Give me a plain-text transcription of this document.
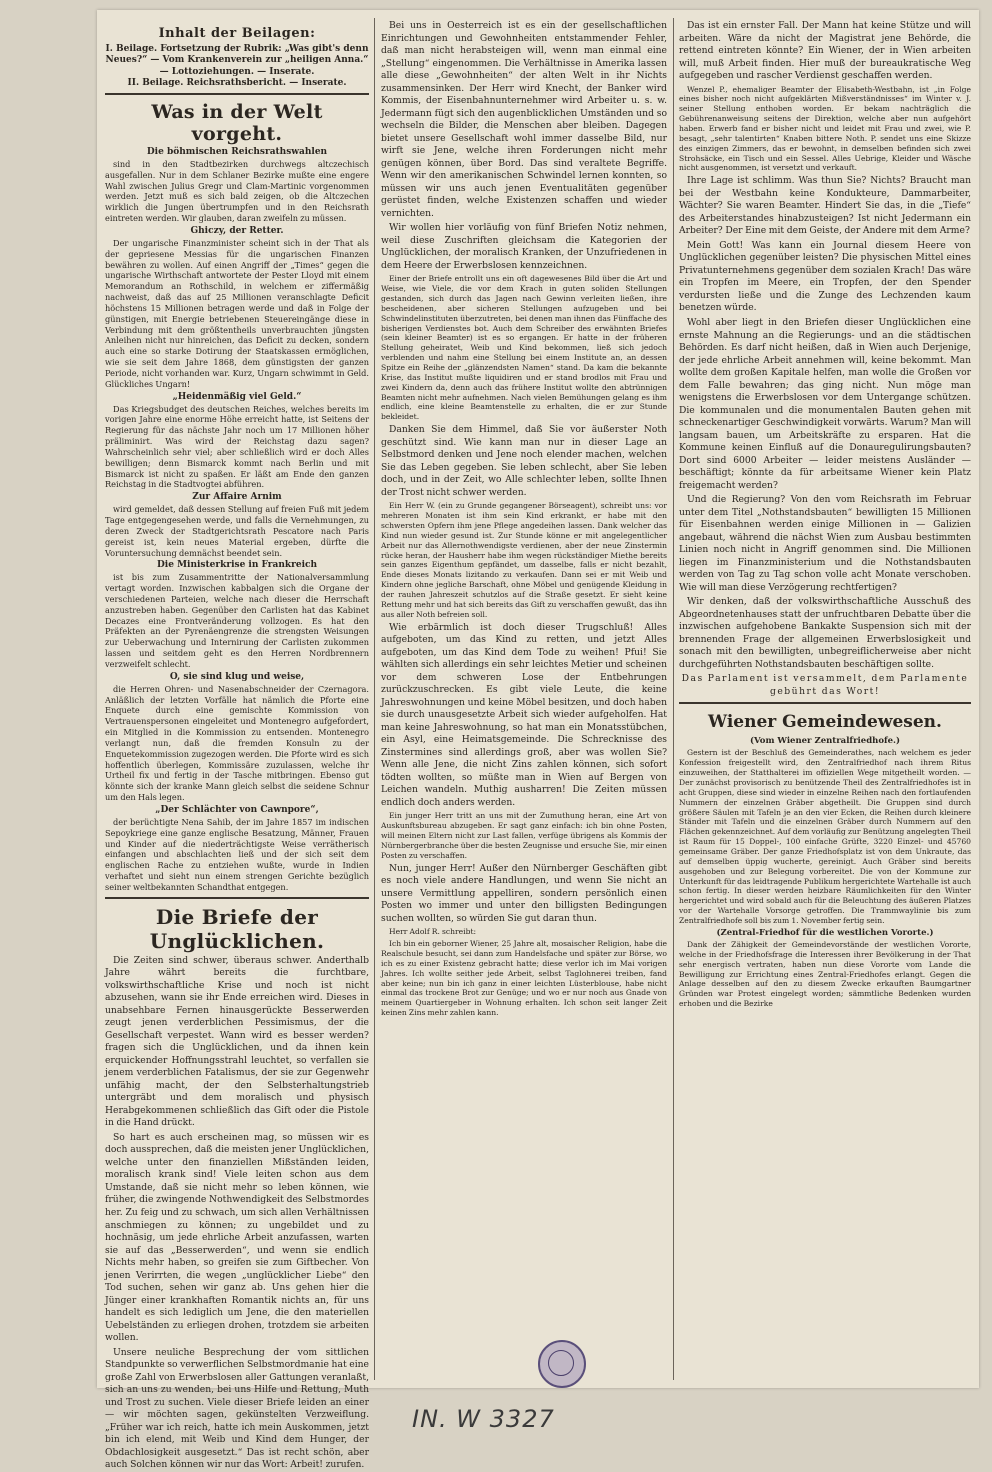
Inhalt der Beilagen:
I. Beilage. Fortsetzung der Rubrik: „Was gibt's denn Neues?“ — Vom Krankenverein zur „heiligen Anna.“ — Lottoziehungen. — Inserate.
II. Beilage. Reichsrathsbericht. — Inserate.
Was in der Welt vorgeht.
Die böhmischen Reichsrathswahlen

sind in den Stadtbezirken durchwegs altczechisch ausgefallen. Nur in dem Schlaner Bezirke mußte eine engere Wahl zwischen Julius Gregr und Clam-Martinic vorgenommen werden. Jetzt muß es sich bald zeigen, ob die Altczechen wirklich die Jungen übertrumpfen und in den Reichsrath eintreten werden. Wir glauben, daran zweifeln zu müssen.

Ghiczy, der Retter.

Der ungarische Finanzminister scheint sich in der That als der gepriesene Messias für die ungarischen Finanzen bewähren zu wollen. Auf einen Angriff der „Times“ gegen die ungarische Wirthschaft antwortete der Pester Lloyd mit einem Memorandum an Rothschild, in welchem er ziffermäßig nachweist, daß das auf 25 Millionen veranschlagte Deficit höchstens 15 Millionen betragen werde und daß in Folge der günstigen, mit Energie betriebenen Steuereingänge diese in Verbindung mit dem größtentheils unverbrauchten jüngsten Anleihen nicht nur hinreichen, das Deficit zu decken, sondern auch eine so starke Dotirung der Staatskassen ermöglichen, wie sie seit dem Jahre 1868, dem günstigsten der ganzen Periode, nicht vorhanden war. Kurz, Ungarn schwimmt in Geld. Glückliches Ungarn!

„Heidenmäßig viel Geld.“

Das Kriegsbudget des deutschen Reiches, welches bereits im vorigen Jahre eine enorme Höhe erreicht hatte, ist Seitens der Regierung für das nächste Jahr noch um 17 Millionen höher präliminirt. Was wird der Reichstag dazu sagen? Wahrscheinlich sehr viel; aber schließlich wird er doch Alles bewilligen; denn Bismarck kommt nach Berlin und mit Bismarck ist nicht zu spaßen. Er läßt am Ende den ganzen Reichstag in die Stadtvogtei abführen.

Zur Affaire Arnim

wird gemeldet, daß dessen Stellung auf freien Fuß mit jedem Tage entgegengesehen werde, und falls die Vernehmungen, zu deren Zweck der Stadtgerichtsrath Pescatore nach Paris gereist ist, kein neues Material ergeben, dürfte die Voruntersuchung demnächst beendet sein.

Die Ministerkrise in Frankreich

ist bis zum Zusammentritte der Nationalversammlung vertagt worden. Inzwischen kabbalgen sich die Organe der verschiedenen Parteien, welche nach dieser die Herrschaft anzustreben haben. Gegenüber den Carlisten hat das Kabinet Decazes eine Frontveränderung vollzogen. Es hat den Präfekten an der Pyrenäengrenze die strengsten Weisungen zur Ueberwachung und Internirung der Carlisten zukommen lassen und seitdem geht es den Herren Nordbrennern verzweifelt schlecht.

O, sie sind klug und weise,

die Herren Ohren- und Nasenabschneider der Czernagora. Anläßlich der letzten Vorfälle hat nämlich die Pforte eine Enquete durch eine gemischte Kommission von Vertrauenspersonen eingeleitet und Montenegro aufgefordert, ein Mitglied in die Kommission zu entsenden. Montenegro verlangt nun, daß die fremden Konsuln zu der Enquetekommission zugezogen werden. Die Pforte wird es sich hoffentlich überlegen, Kommissäre zuzulassen, welche ihr Urtheil fix und fertig in der Tasche mitbringen. Ebenso gut könnte sich der kranke Mann gleich selbst die seidene Schnur um den Hals legen.

„Der Schlächter von Cawnpore“,

der berüchtigte Nena Sahib, der im Jahre 1857 im indischen Sepoykriege eine ganze englische Besatzung, Männer, Frauen und Kinder auf die niederträchtigste Weise verrätherisch einfangen und abschlachten ließ und der sich seit dem englischen Rache zu entziehen wußte, wurde in Indien verhaftet und sieht nun einem strengen Gerichte bezüglich seiner weltbekannten Schandthat entgegen.

Die Briefe der Unglücklichen.

Die Zeiten sind schwer, überaus schwer. Anderthalb Jahre währt bereits die furchtbare, volkswirthschaftliche Krise und noch ist nicht abzusehen, wann sie ihr Ende erreichen wird. Dieses in unabsehbare Fernen hinausgerückte Besserwerden zeugt jenen verderblichen Pessimismus, der die Gesellschaft verpestet. Wann wird es besser werden? fragen sich die Unglücklichen, und da ihnen kein erquickender Hoffnungsstrahl leuchtet, so verfallen sie jenem verderblichen Fatalismus, der sie zur Gegenwehr unfähig macht, der den Selbsterhaltungstrieb untergräbt und dem moralisch und physisch Herabgekommenen schließlich das Gift oder die Pistole in die Hand drückt.

So hart es auch erscheinen mag, so müssen wir es doch aussprechen, daß die meisten jener Unglücklichen, welche unter den finanziellen Mißständen leiden, moralisch krank sind! Viele leiten schon aus dem Umstande, daß sie nicht mehr so leben können, wie früher, die zwingende Nothwendigkeit des Selbstmordes her. Zu feig und zu schwach, um sich allen Verhältnissen anschmiegen zu können; zu ungebildet und zu hochnäsig, um jede ehrliche Arbeit anzufassen, warten sie auf das „Besserwerden“, und wenn sie endlich Nichts mehr haben, so greifen sie zum Giftbecher. Von jenen Verirrten, die wegen „unglücklicher Liebe“ den Tod suchen, sehen wir ganz ab. Uns gehen hier die Jünger einer krankhaften Romantik nichts an, für uns handelt es sich lediglich um Jene, die den materiellen Uebelständen zu erliegen drohen, trotzdem sie arbeiten wollen.

Unsere neuliche Besprechung der vom sittlichen Standpunkte so verwerflichen Selbstmordmanie hat eine große Zahl von Erwerbslosen aller Gattungen veranlaßt, sich an uns zu wenden, bei uns Hilfe und Rettung, Muth und Trost zu suchen. Viele dieser Briefe leiden an einer — wir möchten sagen, gekünstelten Verzweiflung. „Früher war ich reich, hatte ich mein Auskommen, jetzt bin ich elend, mit Weib und Kind dem Hunger, der Obdachlosigkeit ausgesetzt.“ Das ist recht schön, aber auch Solchen können wir nur das Wort: Arbeit! zurufen.

Bei uns in Oesterreich ist es ein der gesellschaftlichen Einrichtungen und Gewohnheiten entstammender Fehler, daß man nicht herabsteigen will, wenn man einmal eine „Stellung“ eingenommen. Die Verhältnisse in Amerika lassen alle diese „Gewohnheiten“ der alten Welt in ihr Nichts zusammensinken. Der Herr wird Knecht, der Banker wird Kommis, der Eisenbahnunternehmer wird Arbeiter u. s. w. Jedermann fügt sich den augenblicklichen Umständen und so wechseln die Bilder, die Menschen aber bleiben. Dagegen bietet unsere Gesellschaft wohl immer dasselbe Bild, nur wirft sie Jene, welche ihren Forderungen nicht mehr genügen können, über Bord. Das sind veraltete Begriffe. Wenn wir den amerikanischen Schwindel lernen konnten, so müssen wir uns auch jenen Eventualitäten gegenüber gerüstet finden, welche Existenzen schaffen und wieder vernichten.

Wir wollen hier vorläufig von fünf Briefen Notiz nehmen, weil diese Zuschriften gleichsam die Kategorien der Unglücklichen, der moralisch Kranken, der Unzufriedenen in dem Heere der Erwerbslosen kennzeichnen.

Einer der Briefe entrollt uns ein oft dagewesenes Bild über die Art und Weise, wie Viele, die vor dem Krach in guten soliden Stellungen gestanden, sich durch das Jagen nach Gewinn verleiten ließen, ihre bescheidenen, aber sicheren Stellungen aufzugeben und bei Schwindelinstituten überzutreten, bei denen man ihnen das Fünffache des bisherigen Verdienstes bot. Auch dem Schreiber des erwähnten Briefes (sein kleiner Beamter) ist es so ergangen. Er hatte in der früheren Stellung geheiratet, Weib und Kind bekommen, ließ sich jedoch verblenden und nahm eine Stellung bei einem Institute an, an dessen Spitze ein Reihe der „glänzendsten Namen“ stand. Da kam die bekannte Krise, das Institut mußte liquidiren und er stand brodlos mit Frau und zwei Kindern da, denn auch das frühere Institut wollte den abtrünnigen Beamten nicht mehr aufnehmen. Nach vielen Bemühungen gelang es ihm endlich, eine kleine Beamtenstelle zu erhalten, die er zur Stunde bekleidet.

Danken Sie dem Himmel, daß Sie vor äußerster Noth geschützt sind. Wie kann man nur in dieser Lage an Selbstmord denken und Jene noch elender machen, welchen Sie das Leben gegeben. Sie leben schlecht, aber Sie leben doch, und in der Zeit, wo Alle schlechter leben, sollte Ihnen der Trost nicht schwer werden.

Ein Herr W. (ein zu Grunde gegangener Börseagent), schreibt uns: vor mehreren Monaten ist ihm sein Kind erkrankt, er habe mit den schwersten Opfern ihm jene Pflege angedeihen lassen. Dank welcher das Kind nun wieder gesund ist. Zur Stunde könne er mit angelegentlicher Arbeit nur das Allernothwendigste verdienen, aber der neue Zinstermin rücke heran, der Hausherr habe ihm wegen rückständiger Miethe bereits sein ganzes Eigenthum gepfändet, um dasselbe, falls er nicht bezahlt, Ende dieses Monats lizitando zu verkaufen. Dann sei er mit Weib und Kindern ohne jegliche Barschaft, ohne Möbel und genügende Kleidung in der rauhen Jahreszeit schutzlos auf die Straße gesetzt. Er sieht keine Rettung mehr und hat sich bereits das Gift zu verschaffen gewußt, das ihn aus aller Noth befreien soll.

Wie erbärmlich ist doch dieser Trugschluß! Alles aufgeboten, um das Kind zu retten, und jetzt Alles aufgeboten, um das Kind dem Tode zu weihen! Pfui! Sie wählten sich allerdings ein sehr leichtes Metier und scheinen vor dem schweren Lose der Entbehrungen zurückzuschrecken. Es gibt viele Leute, die keine Jahreswohnungen und keine Möbel besitzen, und doch haben sie durch unausgesetzte Arbeit sich wieder aufgeholfen. Hat man keine Jahreswohnung, so hat man ein Monatsstübchen, ein Asyl, eine Heimatsgemeinde. Die Schrecknisse des Zinstermines sind allerdings groß, aber was wollen Sie? Wenn alle Jene, die nicht Zins zahlen können, sich sofort tödten wollten, so müßte man in Wien auf Bergen von Leichen wandeln. Muthig ausharren! Die Zeiten müssen endlich doch anders werden.

Ein junger Herr tritt an uns mit der Zumuthung heran, eine Art von Auskunftsbureau abzugeben. Er sagt ganz einfach: ich bin ohne Posten, will meinen Eltern nicht zur Last fallen, verfüge übrigens als Kommis der Nürnbergerbranche über die besten Zeugnisse und ersuche Sie, mir einen Posten zu verschaffen.

Nun, junger Herr! Außer den Nürnberger Geschäften gibt es noch viele andere Handlungen, und wenn Sie nicht an unsere Vermittlung appelliren, sondern persönlich einen Posten wo immer und unter den billigsten Bedingungen suchen wollten, so würden Sie gut daran thun.

Herr Adolf R. schreibt:

Ich bin ein geborner Wiener, 25 Jahre alt, mosaischer Religion, habe die Realschule besucht, sei dann zum Handelsfache und später zur Börse, wo ich es zu einer Existenz gebracht hatte; diese verlor ich im Mai vorigen Jahres. Ich wollte seither jede Arbeit, selbst Taglohnerei treiben, fand aber keine; nun bin ich ganz in einer leichten Lüsterblouse, habe nicht einmal das trockene Brot zur Genüge; und wo er nur noch aus Gnade von meinem Quartiergeber in Wohnung erhalten. Ich schon seit langer Zeit keinen Zins mehr zahlen kann.

Das ist ein ernster Fall. Der Mann hat keine Stütze und will arbeiten. Wäre da nicht der Magistrat jene Behörde, die rettend eintreten könnte? Ein Wiener, der in Wien arbeiten will, muß Arbeit finden. Hier muß der bureaukratische Weg aufgegeben und rascher Verdienst geschaffen werden.

Wenzel P., ehemaliger Beamter der Elisabeth-Westbahn, ist „in Folge eines bisher noch nicht aufgeklärten Mißverständnisses“ im Winter v. J. seiner Stellung enthoben worden. Er bekam nachträglich die Gebührenanweisung seitens der Direktion, welche aber nun aufgehört haben. Erwerb fand er bisher nicht und leidet mit Frau und zwei, wie P. besagt, „sehr talentirten“ Knaben bittere Noth. P. sendet uns eine Skizze des einzigen Zimmers, das er bewohnt, in demselben befinden sich zwei Strohsäcke, ein Tisch und ein Sessel. Alles Uebrige, Kleider und Wäsche nicht ausgenommen, ist versetzt und verkauft.

Ihre Lage ist schlimm. Was thun Sie? Nichts? Braucht man bei der Westbahn keine Kondukteure, Dammarbeiter, Wächter? Sie waren Beamter. Hindert Sie das, in die „Tiefe“ des Arbeiterstandes hinabzusteigen? Ist nicht Jedermann ein Arbeiter? Der Eine mit dem Geiste, der Andere mit dem Arme?

Mein Gott! Was kann ein Journal diesem Heere von Unglücklichen gegenüber leisten? Die physischen Mittel eines Privatunternehmens gegenüber dem sozialen Krach! Das wäre ein Tropfen im Meere, ein Tropfen, der den Spender verdursten ließe und die Zunge des Lechzenden kaum benetzen würde.

Wohl aber liegt in den Briefen dieser Unglücklichen eine ernste Mahnung an die Regierungs- und an die städtischen Behörden. Es darf nicht heißen, daß in Wien auch Derjenige, der jede ehrliche Arbeit annehmen will, keine bekommt. Man wollte dem großen Kapitale helfen, man wolle die Großen vor dem Falle bewahren; das ging nicht. Nun möge man wenigstens die Erwerbslosen vor dem Untergange schützen. Die kommunalen und die monumentalen Bauten gehen mit schneckenartiger Geschwindigkeit vorwärts. Warum? Man will langsam bauen, um Arbeitskräfte zu ersparen. Hat die Kommune keinen Einfluß auf die Donauregulirungsbauten? Dort sind 6000 Arbeiter — leider meistens Ausländer — beschäftigt; könnte da für arbeitsame Wiener kein Platz freigemacht werden?

Und die Regierung? Von den vom Reichsrath im Februar unter dem Titel „Nothstandsbauten“ bewilligten 15 Millionen für Eisenbahnen werden einige Millionen in — Galizien angebaut, während die nächst Wien zum Ausbau bestimmten Linien noch nicht in Angriff genommen sind. Die Millionen liegen im Finanzministerium und die Nothstandsbauten werden von Tag zu Tag schon volle acht Monate verschoben. Wie will man diese Verzögerung rechtfertigen?

Wir denken, daß der volkswirthschaftliche Ausschuß des Abgeordnetenhauses statt der unfruchtbaren Debatte über die inzwischen aufgehobene Bankakte Suspension sich mit der brennenden Frage der allgemeinen Erwerbslosigkeit und sonach mit den bewilligten, unbegreiflicherweise aber nicht durchgeführten Nothstandsbauten beschäftigen sollte.

Das Parlament ist versammelt, dem Parlamente gebührt das Wort!

Wiener Gemeindewesen.
(Vom Wiener Zentralfriedhofe.)

Gestern ist der Beschluß des Gemeinderathes, nach welchem es jeder Konfession freigestellt wird, den Zentralfriedhof nach ihrem Ritus einzuweihen, der Statthalterei im offiziellen Wege mitgetheilt worden. — Der zunächst provisorisch zu benützende Theil des Zentralfriedhofes ist in acht Gruppen, diese sind wieder in einzelne Reihen nach den fortlaufenden Nummern der einzelnen Gräber abgetheilt. Die Gruppen sind durch größere Säulen mit Tafeln je an den vier Ecken, die Reihen durch kleinere Ständer mit Tafeln und die einzelnen Gräber durch Nummern auf den Flächen gekennzeichnet. Auf dem vorläufig zur Benützung angelegten Theil ist Raum für 15 Doppel-, 100 einfache Grüfte, 3220 Einzel- und 45760 gemeinsame Gräber. Der ganze Friedhofsplatz ist von dem Unkraute, das auf demselben üppig wucherte, gereinigt. Auch Gräber sind bereits ausgehoben und zur Belegung vorbereitet. Die von der Kommune zur Unterkunft für das leidtragende Publikum hergerichtete Wartehalle ist auch schon fertig. In dieser werden heizbare Räumlichkeiten für den Winter hergerichtet und wird sobald auch für die Beleuchtung des äußeren Platzes vor der Wartehalle Vorsorge getroffen. Die Trammwaylinie bis zum Zentralfriedhofe soll bis zum 1. November fertig sein.

(Zentral-Friedhof für die westlichen Vororte.)

Dank der Zähigkeit der Gemeindevorstände der westlichen Vororte, welche in der Friedhofsfrage die Interessen ihrer Bevölkerung in der That sehr energisch vertraten, haben nun diese Vororte vom Lande die Bewilligung zur Errichtung eines Zentral-Friedhofes erlangt. Gegen die Anlage desselben auf den zu diesem Zwecke erkauften Baumgartner Gründen war Protest eingelegt worden; sämmtliche Bedenken wurden erhoben und die Bezirke

IN. W 3327
